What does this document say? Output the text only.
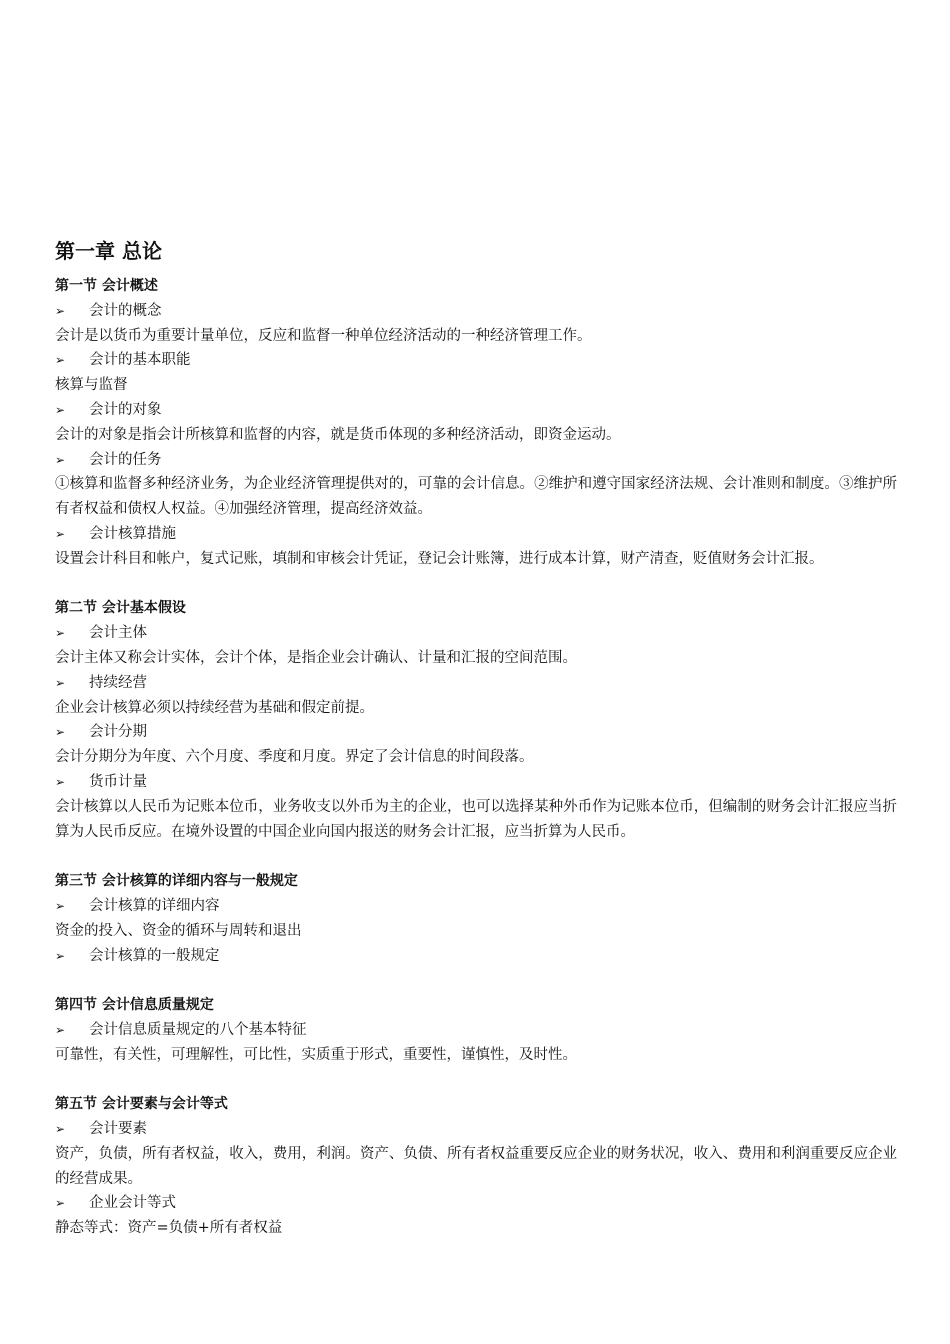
第一章 总论
第一节 会计概述
➢ 会计的概念
会计是以货币为重要计量单位，反应和监督一种单位经济活动的一种经济管理工作。
➢ 会计的基本职能
核算与监督
➢ 会计的对象
会计的对象是指会计所核算和监督的内容，就是货币体现的多种经济活动，即资金运动。
➢ 会计的任务
①核算和监督多种经济业务，为企业经济管理提供对的，可靠的会计信息。②维护和遵守国家经济法规、会计准则和制度。③维护所有者权益和债权人权益。④加强经济管理，提高经济效益。
➢ 会计核算措施
设置会计科目和帐户，复式记账，填制和审核会计凭证，登记会计账簿，进行成本计算，财产清查，贬值财务会计汇报。
第二节 会计基本假设
➢ 会计主体
会计主体又称会计实体，会计个体，是指企业会计确认、计量和汇报的空间范围。
➢ 持续经营
企业会计核算必须以持续经营为基础和假定前提。
➢ 会计分期
会计分期分为年度、六个月度、季度和月度。界定了会计信息的时间段落。
➢ 货币计量
会计核算以人民币为记账本位币，业务收支以外币为主的企业，也可以选择某种外币作为记账本位币，但编制的财务会计汇报应当折算为人民币反应。在境外设置的中国企业向国内报送的财务会计汇报，应当折算为人民币。
第三节 会计核算的详细内容与一般规定
➢ 会计核算的详细内容
资金的投入、资金的循环与周转和退出
➢ 会计核算的一般规定
第四节 会计信息质量规定
➢ 会计信息质量规定的八个基本特征
可靠性，有关性，可理解性，可比性，实质重于形式，重要性，谨慎性，及时性。
第五节 会计要素与会计等式
➢ 会计要素
资产，负债，所有者权益，收入，费用，利润。资产、负债、所有者权益重要反应企业的财务状况，收入、费用和利润重要反应企业的经营成果。
➢ 企业会计等式
静态等式：资产=负债+所有者权益
